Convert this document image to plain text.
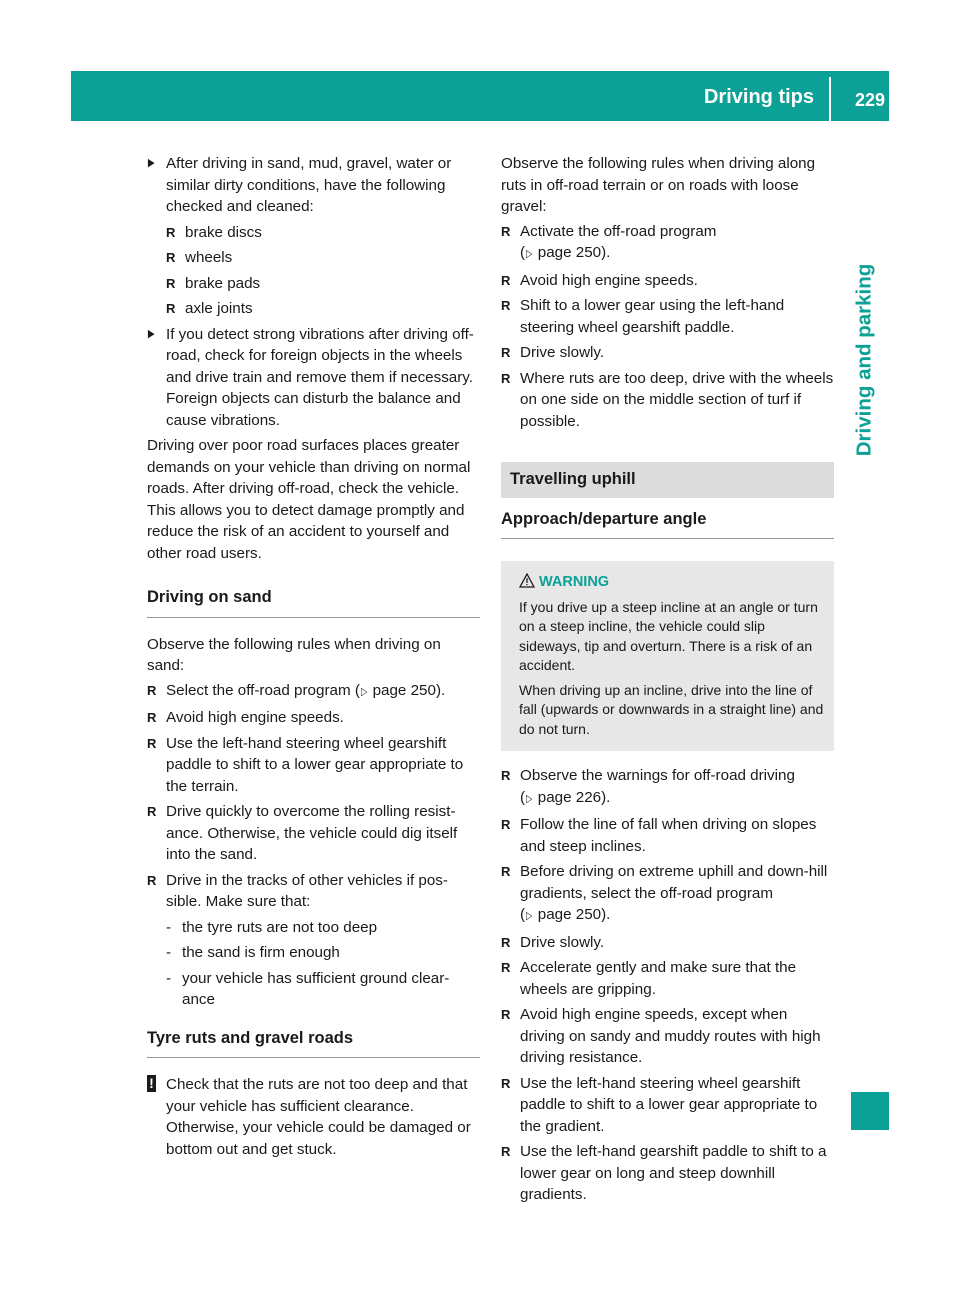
Driving tips 229
Driving and parking
▶ After driving in sand, mud, gravel, water or similar dirty conditions, have the following checked and cleaned:
R brake discs
R wheels
R brake pads
R axle joints
▶ If you detect strong vibrations after driving off-road, check for foreign objects in the wheels and drive train and remove them if necessary. Foreign objects can disturb the balance and cause vibrations.

Driving over poor road surfaces places greater demands on your vehicle than driving on normal roads. After driving off-road, check the vehicle. This allows you to detect damage promptly and reduce the risk of an accident to yourself and other road users.

Driving on sand

Observe the following rules when driving on sand:

R Select the off-road program (▷ page 250).
R Avoid high engine speeds.
R Use the left-hand steering wheel gearshift paddle to shift to a lower gear appropriate to the terrain.
R Drive quickly to overcome the rolling resist-ance. Otherwise, the vehicle could dig itself into the sand.
R Drive in the tracks of other vehicles if pos-sible. Make sure that:
- the tyre ruts are not too deep
- the sand is firm enough
- your vehicle has sufficient ground clear-ance
Tyre ruts and gravel roads
! Check that the ruts are not too deep and that your vehicle has sufficient clearance. Otherwise, your vehicle could be damaged or bottom out and get stuck.

Observe the following rules when driving along ruts in off-road terrain or on roads with loose gravel:

R Activate the off-road program
(▷ page 250).
R Avoid high engine speeds.
R Shift to a lower gear using the left-hand steering wheel gearshift paddle.
R Drive slowly.
R Where ruts are too deep, drive with the wheels on one side on the middle section of turf if possible.
Travelling uphill
Approach/departure angle
WARNING

If you drive up a steep incline at an angle or turn on a steep incline, the vehicle could slip sideways, tip and overturn. There is a risk of an accident.

When driving up an incline, drive into the line of fall (upwards or downwards in a straight line) and do not turn.

R Observe the warnings for off-road driving
(▷ page 226).
R Follow the line of fall when driving on slopes and steep inclines.
R Before driving on extreme uphill and down-hill gradients, select the off-road program
(▷ page 250).
R Drive slowly.
R Accelerate gently and make sure that the wheels are gripping.
R Avoid high engine speeds, except when driving on sandy and muddy routes with high driving resistance.
R Use the left-hand steering wheel gearshift paddle to shift to a lower gear appropriate to the gradient.
R Use the left-hand gearshift paddle to shift to a lower gear on long and steep downhill gradients.
